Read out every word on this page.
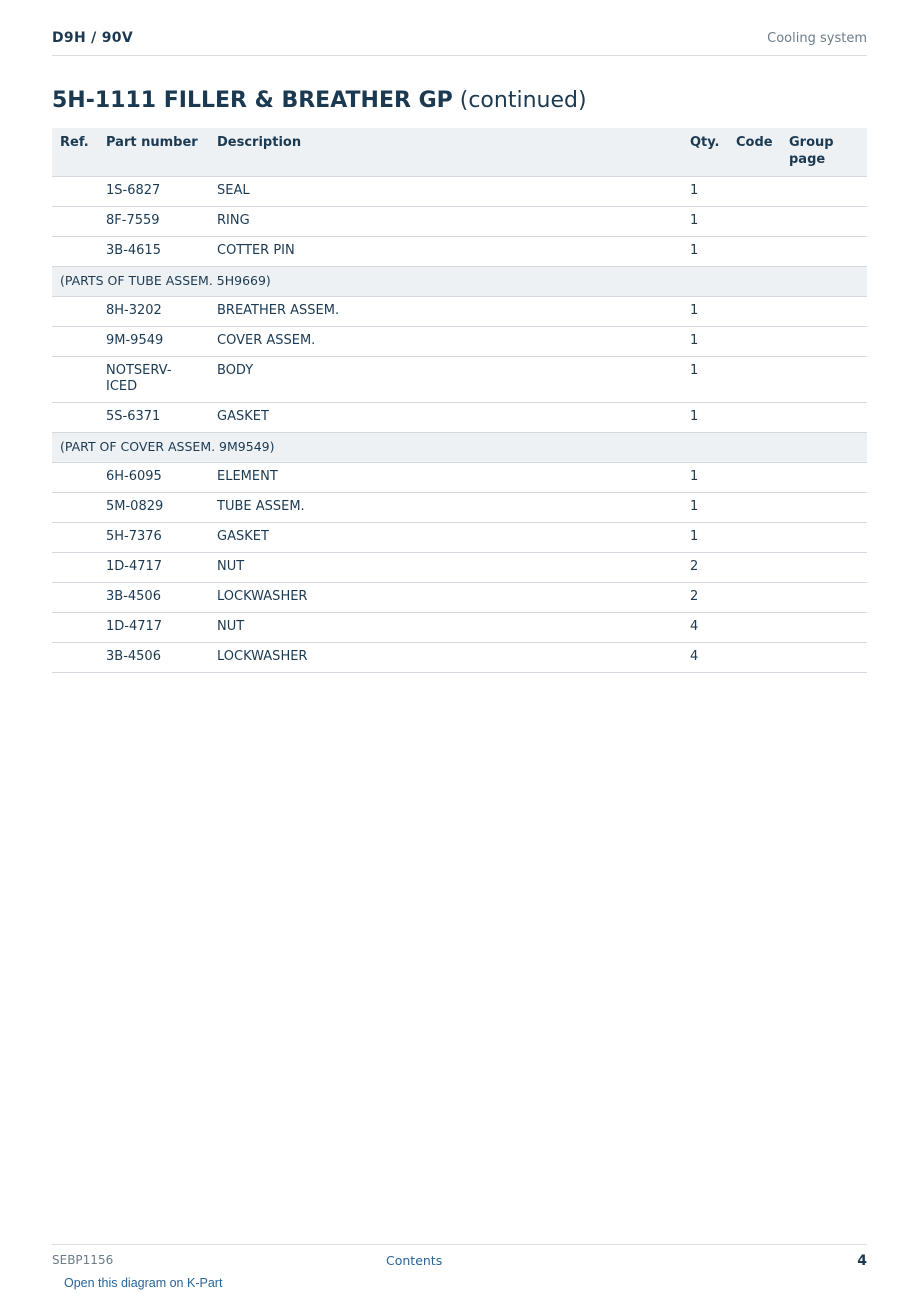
D9H / 90V	Cooling system
5H-1111 FILLER & BREATHER GP (continued)
Ref.	Part number	Description	Qty.	Code	Group page
	1S-6827	SEAL	1		
	8F-7559	RING	1		
	3B-4615	COTTER PIN	1		
(PARTS OF TUBE ASSEM. 5H9669)					
	8H-3202	BREATHER ASSEM.	1		
	9M-9549	COVER ASSEM.	1		
	NOTSERV-ICED	BODY	1		
	5S-6371	GASKET	1		
(PART OF COVER ASSEM. 9M9549)					
	6H-6095	ELEMENT	1		
	5M-0829	TUBE ASSEM.	1		
	5H-7376	GASKET	1		
	1D-4717	NUT	2		
	3B-4506	LOCKWASHER	2		
	1D-4717	NUT	4		
	3B-4506	LOCKWASHER	4		
SEBP1156	Contents	4
Open this diagram on K-Part
